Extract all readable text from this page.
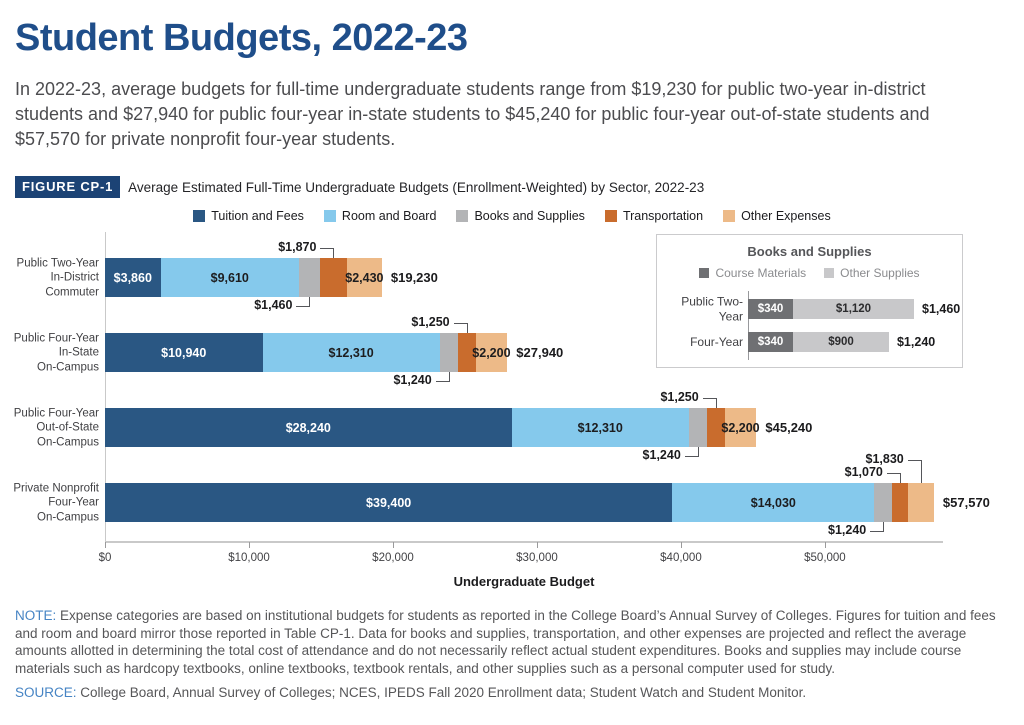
Student Budgets, 2022-23

In 2022-23, average budgets for full-time undergraduate students range from $19,230 for public two-year in-district students and $27,940 for public four-year in-state students to $45,240 for public four-year out-of-state students and $57,570 for private nonprofit four-year students.

FIGURE CP-1	Average Estimated Full-Time Undergraduate Budgets (Enrollment-Weighted) by Sector, 2022-23
Tuition and Fees	Room and Board	Books and Supplies	Transportation	Other Expenses
Public Two-Year
In-District
Commuter
$3,860	$9,610	$2,430 $19,230
$1,870
$1,460
Public Four-Year
In-State
On-Campus
$10,940	$12,310	$2,200 $27,940
$1,250
$1,240
Public Four-Year
Out-of-State
On-Campus
$28,240	$12,310	$2,200 $45,240
$1,250
$1,240
Private Nonprofit
Four-Year
On-Campus
$39,400	$14,030	$57,570
$1,830
$1,070
$1,240
$0	$10,000	$20,000	$30,000	$40,000	$50,000
Undergraduate Budget
Books and Supplies
Course Materials	Other Supplies
Public Two-Year $340	$1,120	$1,460
Four-Year $340	$900	$1,240

NOTE: Expense categories are based on institutional budgets for students as reported in the College Board’s Annual Survey of Colleges. Figures for tuition and fees and room and board mirror those reported in Table CP-1. Data for books and supplies, transportation, and other expenses are projected and reflect the average amounts allotted in determining the total cost of attendance and do not necessarily reflect actual student expenditures. Books and supplies may include course materials such as hardcopy textbooks, online textbooks, textbook rentals, and other supplies such as a personal computer used for study.

SOURCE: College Board, Annual Survey of Colleges; NCES, IPEDS Fall 2020 Enrollment data; Student Watch and Student Monitor.
